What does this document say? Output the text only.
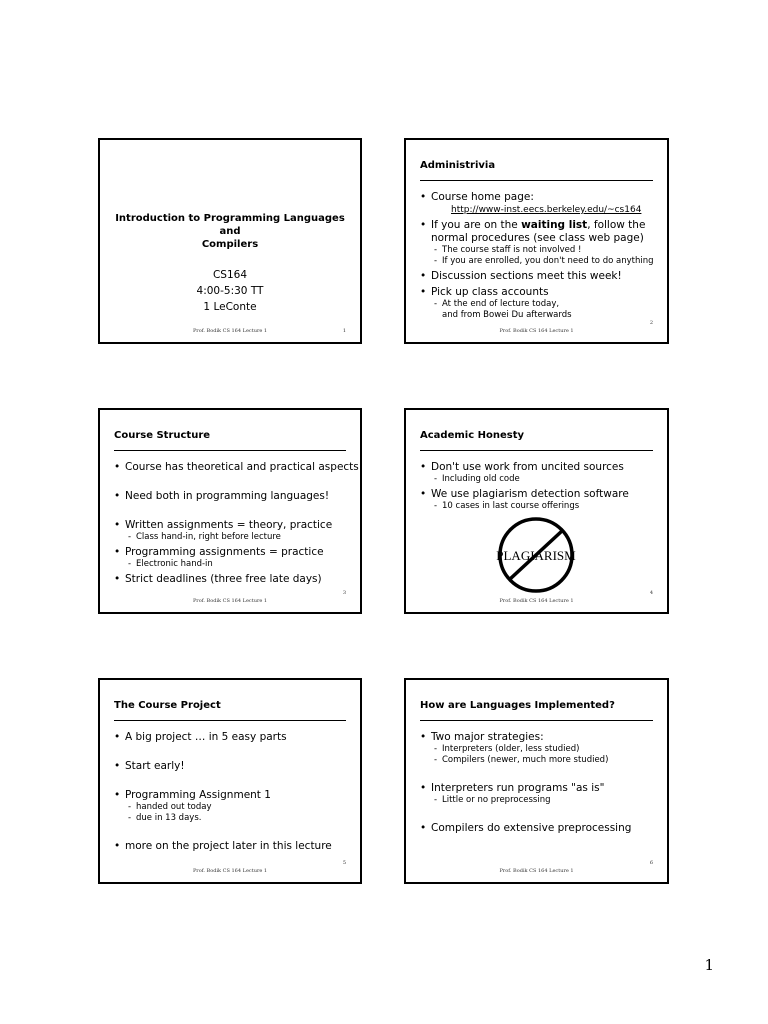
Introduction to Programming Languages and
Compilers
CS164
4:00-5:30 TT
1 LeConte
Prof. Bodik CS 164 Lecture 1	1
Administrivia
• Course home page:
http://www-inst.eecs.berkeley.edu/~cs164
• If you are on the waiting list, follow the normal procedures (see class web page)
- The course staff is not involved !
- If you are enrolled, you don't need to do anything
• Discussion sections meet this week!
• Pick up class accounts
- At the end of lecture today,
and from Bowei Du afterwards
Prof. Bodik CS 164 Lecture 1
2
Course Structure
• Course has theoretical and practical aspects
• Need both in programming languages!
• Written assignments = theory, practice
- Class hand-in, right before lecture
• Programming assignments = practice
- Electronic hand-in
• Strict deadlines (three free late days)
Prof. Bodik CS 164 Lecture 1
3
Academic Honesty
• Don't use work from uncited sources
- Including old code
• We use plagiarism detection software
- 10 cases in last course offerings
PLAGIARISM
Prof. Bodik CS 164 Lecture 1
4
The Course Project
• A big project … in 5 easy parts
• Start early!
• Programming Assignment 1
- handed out today
- due in 13 days.
• more on the project later in this lecture
Prof. Bodik CS 164 Lecture 1
5
How are Languages Implemented?
• Two major strategies:
- Interpreters (older, less studied)
- Compilers (newer, much more studied)
• Interpreters run programs "as is"
- Little or no preprocessing
• Compilers do extensive preprocessing
Prof. Bodik CS 164 Lecture 1
6
1
